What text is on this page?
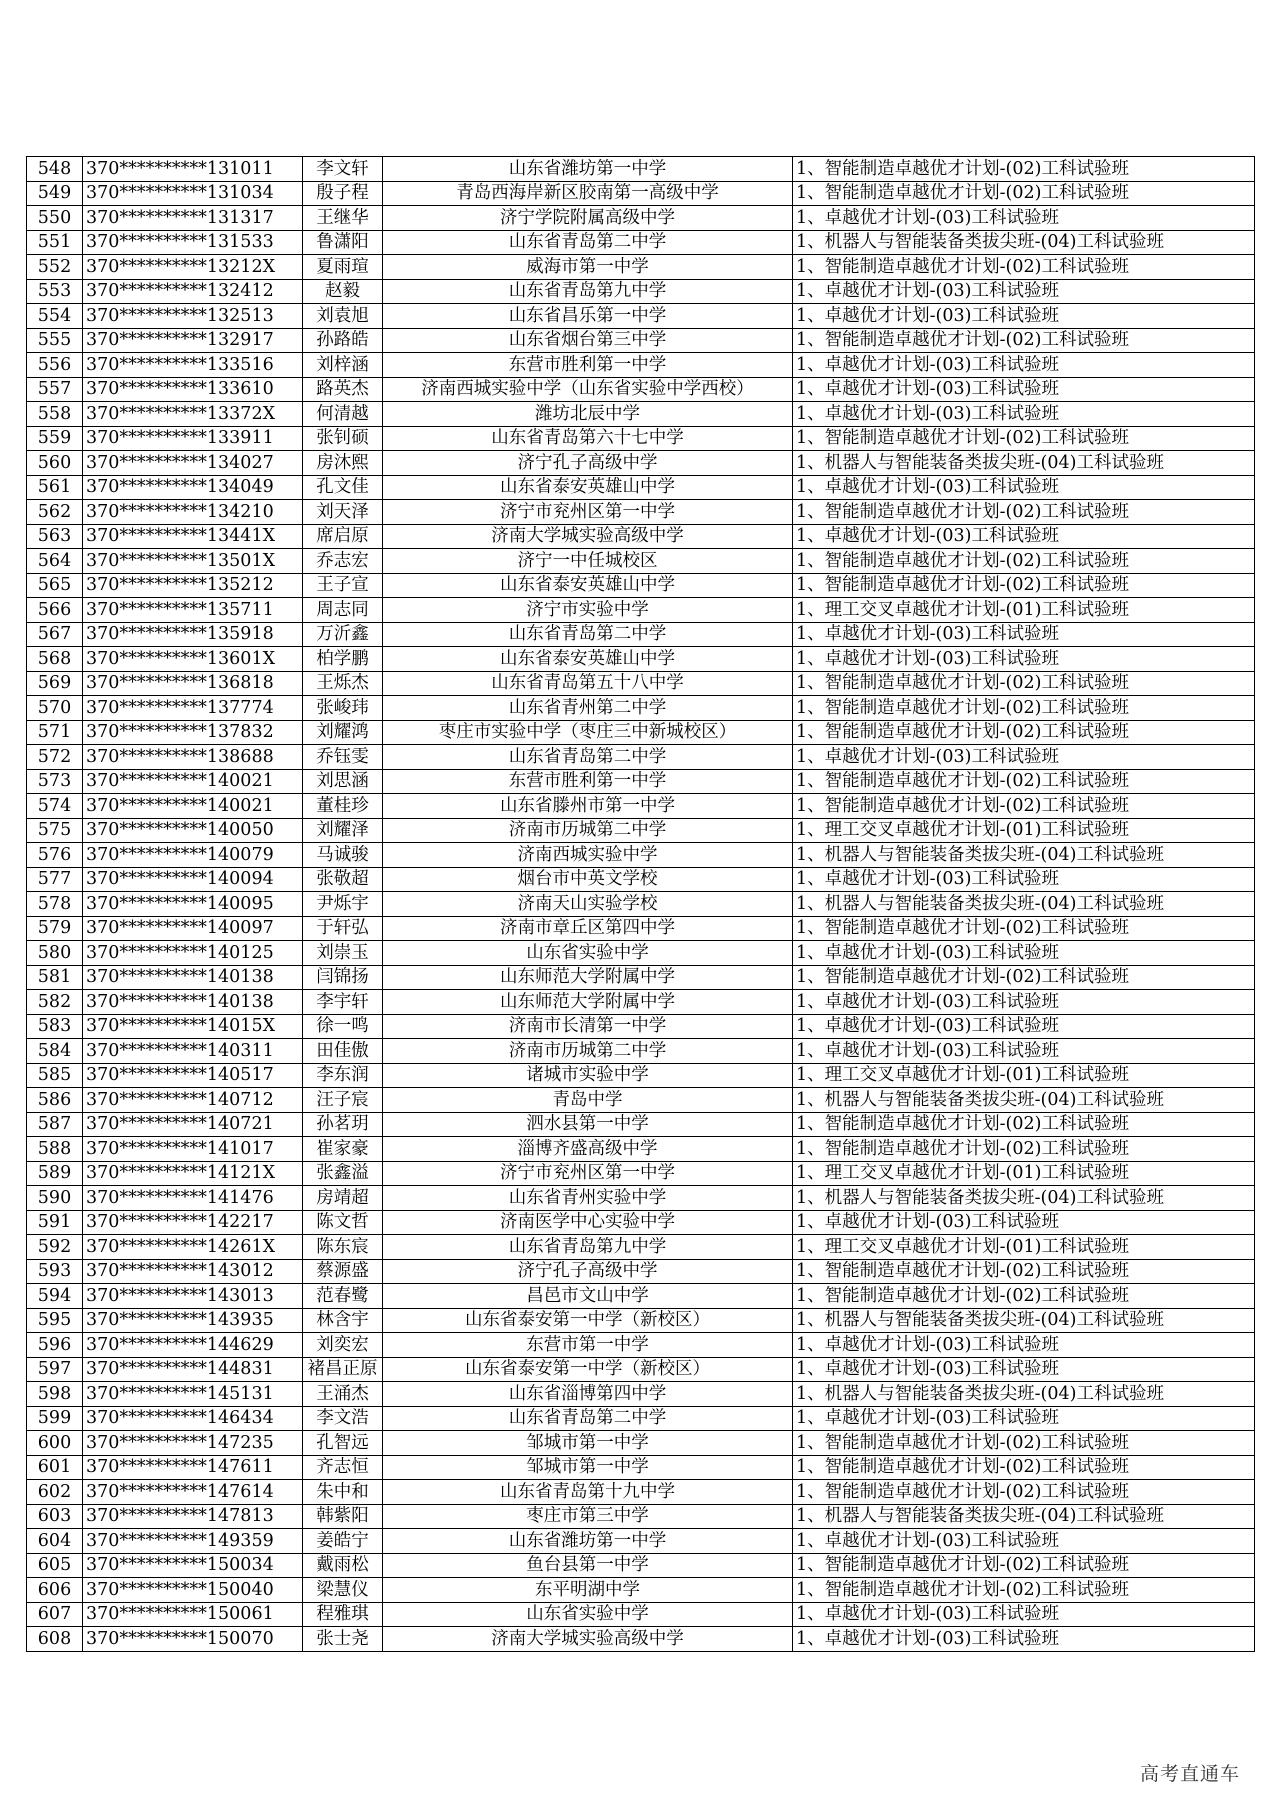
548	370**********131011	李文轩	山东省潍坊第一中学	1、智能制造卓越优才计划-(02)工科试验班
549	370**********131034	殷子程	青岛西海岸新区胶南第一高级中学	1、智能制造卓越优才计划-(02)工科试验班
550	370**********131317	王继华	济宁学院附属高级中学	1、卓越优才计划-(03)工科试验班
551	370**********131533	鲁潇阳	山东省青岛第二中学	1、机器人与智能装备类拔尖班-(04)工科试验班
552	370**********13212X	夏雨瑄	威海市第一中学	1、智能制造卓越优才计划-(02)工科试验班
553	370**********132412	赵毅	山东省青岛第九中学	1、卓越优才计划-(03)工科试验班
554	370**********132513	刘袁旭	山东省昌乐第一中学	1、卓越优才计划-(03)工科试验班
555	370**********132917	孙路皓	山东省烟台第三中学	1、智能制造卓越优才计划-(02)工科试验班
556	370**********133516	刘梓涵	东营市胜利第一中学	1、卓越优才计划-(03)工科试验班
557	370**********133610	路英杰	济南西城实验中学（山东省实验中学西校）	1、卓越优才计划-(03)工科试验班
558	370**********13372X	何清越	潍坊北辰中学	1、卓越优才计划-(03)工科试验班
559	370**********133911	张钊硕	山东省青岛第六十七中学	1、智能制造卓越优才计划-(02)工科试验班
560	370**********134027	房沐熙	济宁孔子高级中学	1、机器人与智能装备类拔尖班-(04)工科试验班
561	370**********134049	孔文佳	山东省泰安英雄山中学	1、卓越优才计划-(03)工科试验班
562	370**********134210	刘天泽	济宁市兖州区第一中学	1、智能制造卓越优才计划-(02)工科试验班
563	370**********13441X	席启原	济南大学城实验高级中学	1、卓越优才计划-(03)工科试验班
564	370**********13501X	乔志宏	济宁一中任城校区	1、智能制造卓越优才计划-(02)工科试验班
565	370**********135212	王子宣	山东省泰安英雄山中学	1、智能制造卓越优才计划-(02)工科试验班
566	370**********135711	周志同	济宁市实验中学	1、理工交叉卓越优才计划-(01)工科试验班
567	370**********135918	万沂鑫	山东省青岛第二中学	1、卓越优才计划-(03)工科试验班
568	370**********13601X	柏学鹏	山东省泰安英雄山中学	1、卓越优才计划-(03)工科试验班
569	370**********136818	王烁杰	山东省青岛第五十八中学	1、智能制造卓越优才计划-(02)工科试验班
570	370**********137774	张峻玮	山东省青州第二中学	1、智能制造卓越优才计划-(02)工科试验班
571	370**********137832	刘耀鸿	枣庄市实验中学（枣庄三中新城校区）	1、智能制造卓越优才计划-(02)工科试验班
572	370**********138688	乔钰雯	山东省青岛第二中学	1、卓越优才计划-(03)工科试验班
573	370**********140021	刘思涵	东营市胜利第一中学	1、智能制造卓越优才计划-(02)工科试验班
574	370**********140021	董桂珍	山东省滕州市第一中学	1、智能制造卓越优才计划-(02)工科试验班
575	370**********140050	刘耀泽	济南市历城第二中学	1、理工交叉卓越优才计划-(01)工科试验班
576	370**********140079	马诚骏	济南西城实验中学	1、机器人与智能装备类拔尖班-(04)工科试验班
577	370**********140094	张敬超	烟台市中英文学校	1、卓越优才计划-(03)工科试验班
578	370**********140095	尹烁宇	济南天山实验学校	1、机器人与智能装备类拔尖班-(04)工科试验班
579	370**********140097	于轩弘	济南市章丘区第四中学	1、智能制造卓越优才计划-(02)工科试验班
580	370**********140125	刘崇玉	山东省实验中学	1、卓越优才计划-(03)工科试验班
581	370**********140138	闫锦扬	山东师范大学附属中学	1、智能制造卓越优才计划-(02)工科试验班
582	370**********140138	李宇轩	山东师范大学附属中学	1、卓越优才计划-(03)工科试验班
583	370**********14015X	徐一鸣	济南市长清第一中学	1、卓越优才计划-(03)工科试验班
584	370**********140311	田佳傲	济南市历城第二中学	1、卓越优才计划-(03)工科试验班
585	370**********140517	李东润	诸城市实验中学	1、理工交叉卓越优才计划-(01)工科试验班
586	370**********140712	汪子宸	青岛中学	1、机器人与智能装备类拔尖班-(04)工科试验班
587	370**********140721	孙茗玥	泗水县第一中学	1、智能制造卓越优才计划-(02)工科试验班
588	370**********141017	崔家豪	淄博齐盛高级中学	1、智能制造卓越优才计划-(02)工科试验班
589	370**********14121X	张鑫溢	济宁市兖州区第一中学	1、理工交叉卓越优才计划-(01)工科试验班
590	370**********141476	房靖超	山东省青州实验中学	1、机器人与智能装备类拔尖班-(04)工科试验班
591	370**********142217	陈文哲	济南医学中心实验中学	1、卓越优才计划-(03)工科试验班
592	370**********14261X	陈东宸	山东省青岛第九中学	1、理工交叉卓越优才计划-(01)工科试验班
593	370**********143012	蔡源盛	济宁孔子高级中学	1、智能制造卓越优才计划-(02)工科试验班
594	370**********143013	范春鹭	昌邑市文山中学	1、智能制造卓越优才计划-(02)工科试验班
595	370**********143935	林含宇	山东省泰安第一中学（新校区）	1、机器人与智能装备类拔尖班-(04)工科试验班
596	370**********144629	刘奕宏	东营市第一中学	1、卓越优才计划-(03)工科试验班
597	370**********144831	褚昌正原	山东省泰安第一中学（新校区）	1、卓越优才计划-(03)工科试验班
598	370**********145131	王涌杰	山东省淄博第四中学	1、机器人与智能装备类拔尖班-(04)工科试验班
599	370**********146434	李文浩	山东省青岛第二中学	1、卓越优才计划-(03)工科试验班
600	370**********147235	孔智远	邹城市第一中学	1、智能制造卓越优才计划-(02)工科试验班
601	370**********147611	齐志恒	邹城市第一中学	1、智能制造卓越优才计划-(02)工科试验班
602	370**********147614	朱中和	山东省青岛第十九中学	1、智能制造卓越优才计划-(02)工科试验班
603	370**********147813	韩紫阳	枣庄市第三中学	1、机器人与智能装备类拔尖班-(04)工科试验班
604	370**********149359	姜皓宁	山东省潍坊第一中学	1、卓越优才计划-(03)工科试验班
605	370**********150034	戴雨松	鱼台县第一中学	1、智能制造卓越优才计划-(02)工科试验班
606	370**********150040	梁慧仪	东平明湖中学	1、智能制造卓越优才计划-(02)工科试验班
607	370**********150061	程雅琪	山东省实验中学	1、卓越优才计划-(03)工科试验班
608	370**********150070	张士尧	济南大学城实验高级中学	1、卓越优才计划-(03)工科试验班
高考直通车
